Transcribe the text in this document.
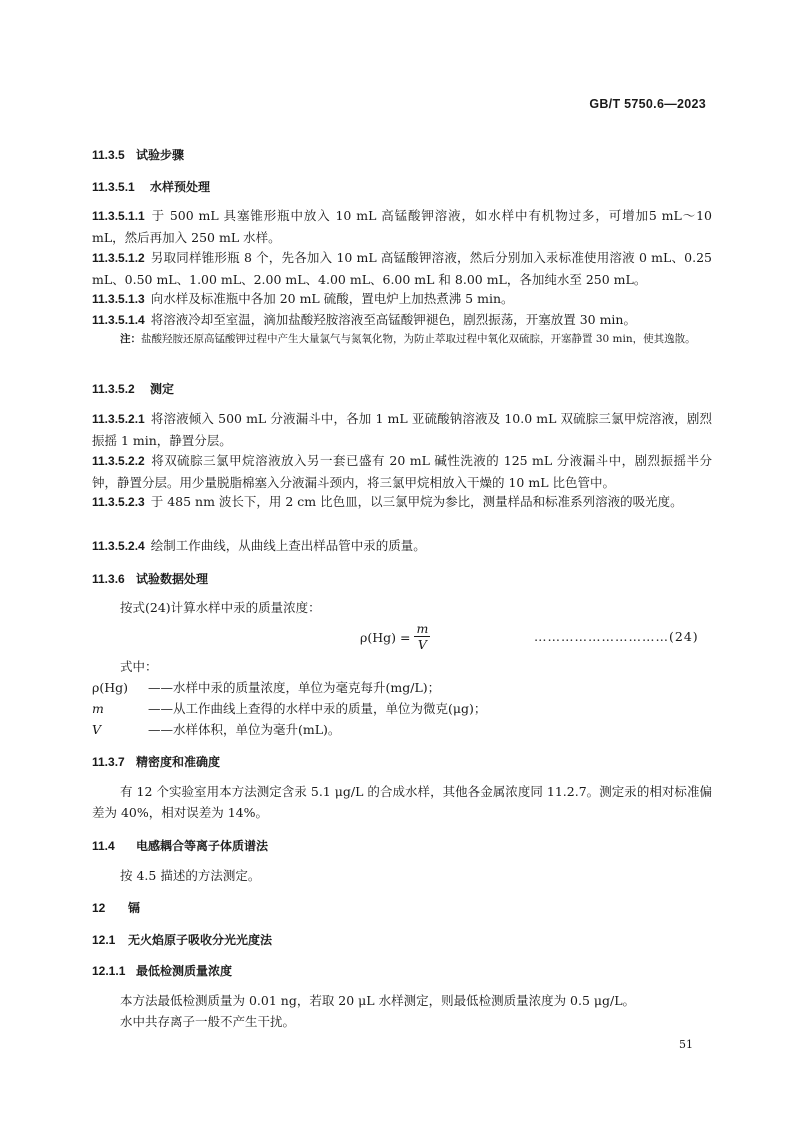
GB/T 5750.6—2023
11.3.5 试验步骤
11.3.5.1 水样预处理
11.3.5.1.1 于 500 mL 具塞锥形瓶中放入 10 mL 高锰酸钾溶液，如水样中有机物过多，可增加5 mL～10 mL，然后再加入 250 mL 水样。
11.3.5.1.2 另取同样锥形瓶 8 个，先各加入 10 mL 高锰酸钾溶液，然后分别加入汞标准使用溶液 0 mL、0.25 mL、0.50 mL、1.00 mL、2.00 mL、4.00 mL、6.00 mL 和 8.00 mL，各加纯水至 250 mL。
11.3.5.1.3 向水样及标准瓶中各加 20 mL 硫酸，置电炉上加热煮沸 5 min。
11.3.5.1.4 将溶液冷却至室温，滴加盐酸羟胺溶液至高锰酸钾褪色，剧烈振荡，开塞放置 30 min。
注：盐酸羟胺还原高锰酸钾过程中产生大量氯气与氮氧化物，为防止萃取过程中氧化双硫腙，开塞静置 30 min，使其逸散。
11.3.5.2 测定
11.3.5.2.1 将溶液倾入 500 mL 分液漏斗中，各加 1 mL 亚硫酸钠溶液及 10.0 mL 双硫腙三氯甲烷溶液，剧烈振摇 1 min，静置分层。
11.3.5.2.2 将双硫腙三氯甲烷溶液放入另一套已盛有 20 mL 碱性洗液的 125 mL 分液漏斗中，剧烈振摇半分钟，静置分层。用少量脱脂棉塞入分液漏斗颈内，将三氯甲烷相放入干燥的 10 mL 比色管中。
11.3.5.2.3 于 485 nm 波长下，用 2 cm 比色皿，以三氯甲烷为参比，测量样品和标准系列溶液的吸光度。
11.3.5.2.4 绘制工作曲线，从曲线上查出样品管中汞的质量。
11.3.6 试验数据处理
按式(24)计算水样中汞的质量浓度：
$\rho(Hg) = \frac{m}{V}$	…………………………(24)
式中：
ρ(Hg) ——水样中汞的质量浓度，单位为毫克每升(mg/L)；
m	——从工作曲线上查得的水样中汞的质量，单位为微克(μg)；
V	——水样体积，单位为毫升(mL)。
11.3.7 精密度和准确度
有 12 个实验室用本方法测定含汞 5.1 μg/L 的合成水样，其他各金属浓度同 11.2.7。测定汞的相对标准偏差为 40%，相对误差为 14%。
11.4 电感耦合等离子体质谱法
按 4.5 描述的方法测定。
12 镉
12.1 无火焰原子吸收分光光度法
12.1.1 最低检测质量浓度
本方法最低检测质量为 0.01 ng，若取 20 μL 水样测定，则最低检测质量浓度为 0.5 μg/L。
水中共存离子一般不产生干扰。
51
